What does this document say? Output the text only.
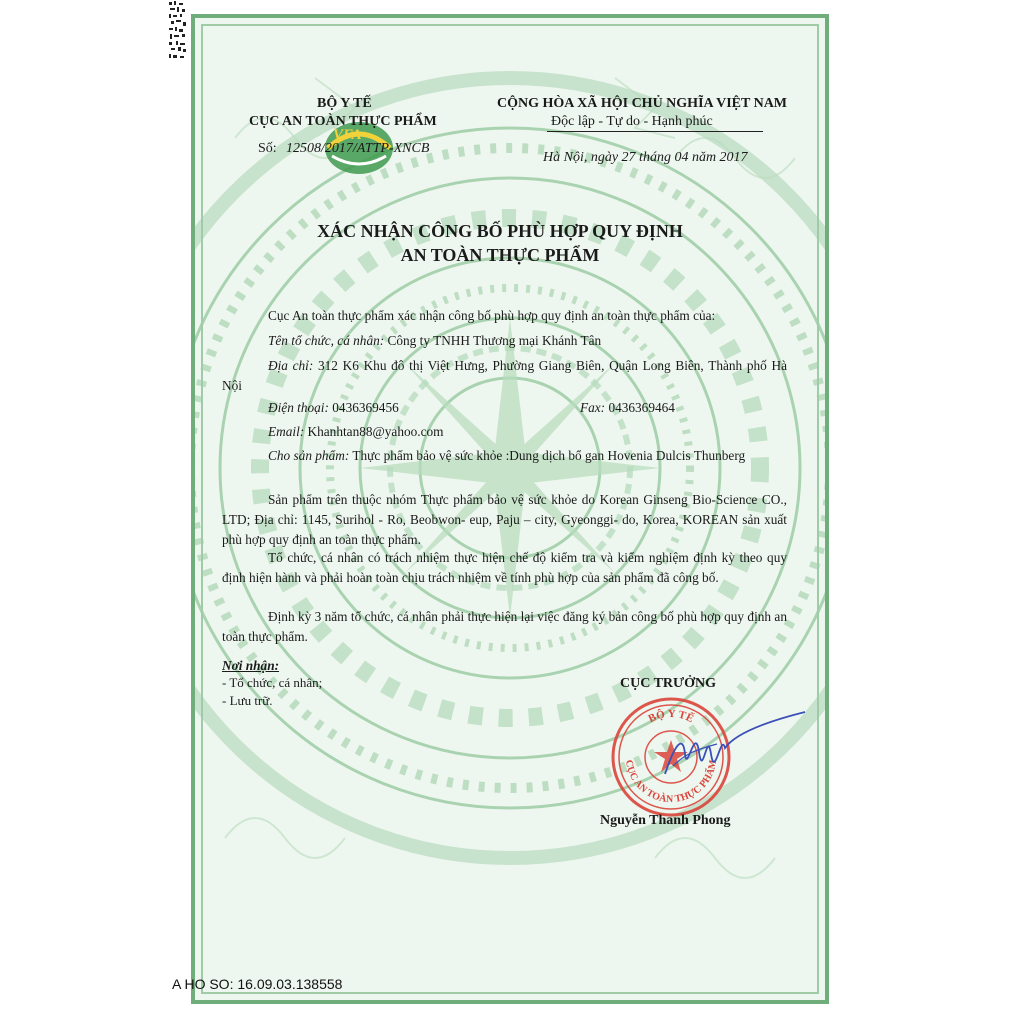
VFA
BỘ Y TẾ
CỤC AN TOÀN THỰC PHẨM
Số: 12508/2017/ATTP-XNCB
CỘNG HÒA XÃ HỘI CHỦ NGHĨA VIỆT NAM
Độc lập - Tự do - Hạnh phúc
Hà Nội, ngày 27 tháng 04 năm 2017
XÁC NHẬN CÔNG BỐ PHÙ HỢP QUY ĐỊNH
AN TOÀN THỰC PHẨM
Cục An toàn thực phẩm xác nhận công bố phù hợp quy định an toàn thực phẩm của:
Tên tổ chức, cá nhân: Công ty TNHH Thương mại Khánh Tân
Địa chỉ: 312 K6 Khu đô thị Việt Hưng, Phường Giang Biên, Quận Long Biên, Thành phố Hà Nội
Điện thoại: 0436369456	Fax: 0436369464
Email: Khanhtan88@yahoo.com
Cho sản phẩm: Thực phẩm bảo vệ sức khỏe :Dung dịch bổ gan Hovenia Dulcis Thunberg
Sản phẩm trên thuộc nhóm Thực phẩm bảo vệ sức khỏe do Korean Ginseng Bio-Science CO., LTD; Địa chỉ: 1145, Surihol - Ro, Beobwon- eup, Paju – city, Gyeonggi- do, Korea, KOREAN sản xuất phù hợp quy định an toàn thực phẩm.
Tổ chức, cá nhân có trách nhiệm thực hiện chế độ kiểm tra và kiểm nghiệm định kỳ theo quy định hiện hành và phải hoàn toàn chịu trách nhiệm về tính phù hợp của sản phẩm đã công bố.
Định kỳ 3 năm tổ chức, cá nhân phải thực hiện lại việc đăng ký bản công bố phù hợp quy định an toàn thực phẩm.
Nơi nhận:
- Tổ chức, cá nhân;
- Lưu trữ.
CỤC TRƯỞNG
BỘ Y TẾ
CỤC AN TOÀN THỰC PHẨM
Nguyễn Thanh Phong
A HO SO: 16.09.03.138558
